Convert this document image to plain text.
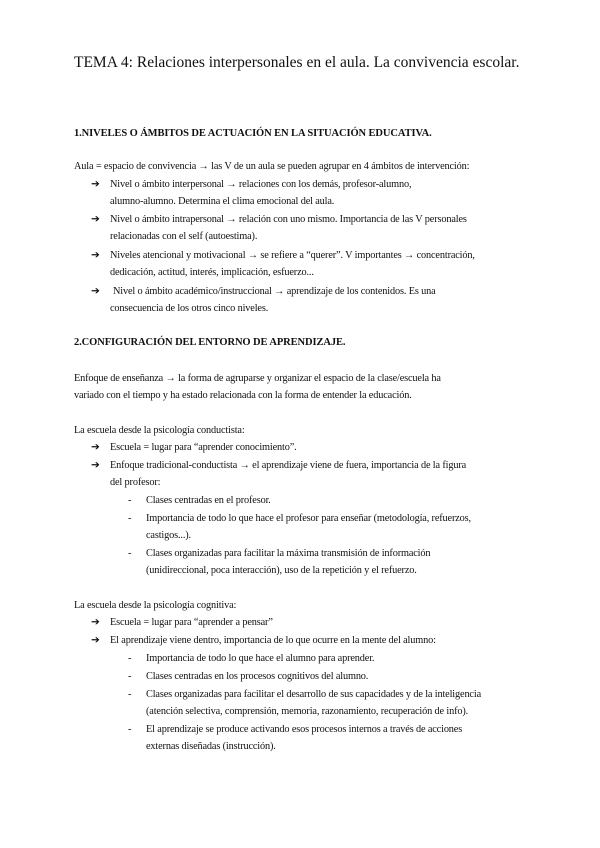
TEMA 4: Relaciones interpersonales en el aula. La convivencia escolar.
1.NIVELES O ÁMBITOS DE ACTUACIÓN EN LA SITUACIÓN EDUCATIVA.
Aula = espacio de convivencia → las V de un aula se pueden agrupar en 4 ámbitos de intervención:
➔ Nivel o ámbito interpersonal → relaciones con los demás, profesor-alumno,
alumno-alumno. Determina el clima emocional del aula.
➔ Nivel o ámbito intrapersonal → relación con uno mismo. Importancia de las V personales
relacionadas con el self (autoestima).
➔ Niveles atencional y motivacional → se refiere a “querer”. V importantes → concentración,
dedicación, actitud, interés, implicación, esfuerzo...
➔ Nivel o ámbito académico/instruccional → aprendizaje de los contenidos. Es una
consecuencia de los otros cinco niveles.
2.CONFIGURACIÓN DEL ENTORNO DE APRENDIZAJE.
Enfoque de enseñanza → la forma de agruparse y organizar el espacio de la clase/escuela ha
variado con el tiempo y ha estado relacionada con la forma de entender la educación.
La escuela desde la psicología conductista:
➔ Escuela = lugar para “aprender conocimiento”.
➔ Enfoque tradicional-conductista → el aprendizaje viene de fuera, importancia de la figura
del profesor:
- Clases centradas en el profesor.
- Importancia de todo lo que hace el profesor para enseñar (metodología, refuerzos,
castigos...).
- Clases organizadas para facilitar la máxima transmisión de información
(unidireccional, poca interacción), uso de la repetición y el refuerzo.
La escuela desde la psicología cognitiva:
➔ Escuela = lugar para “aprender a pensar”
➔ El aprendizaje viene dentro, importancia de lo que ocurre en la mente del alumno:
- Importancia de todo lo que hace el alumno para aprender.
- Clases centradas en los procesos cognitivos del alumno.
- Clases organizadas para facilitar el desarrollo de sus capacidades y de la inteligencia
(atención selectiva, comprensión, memoria, razonamiento, recuperación de info).
- El aprendizaje se produce activando esos procesos internos a través de acciones
externas diseñadas (instrucción).
